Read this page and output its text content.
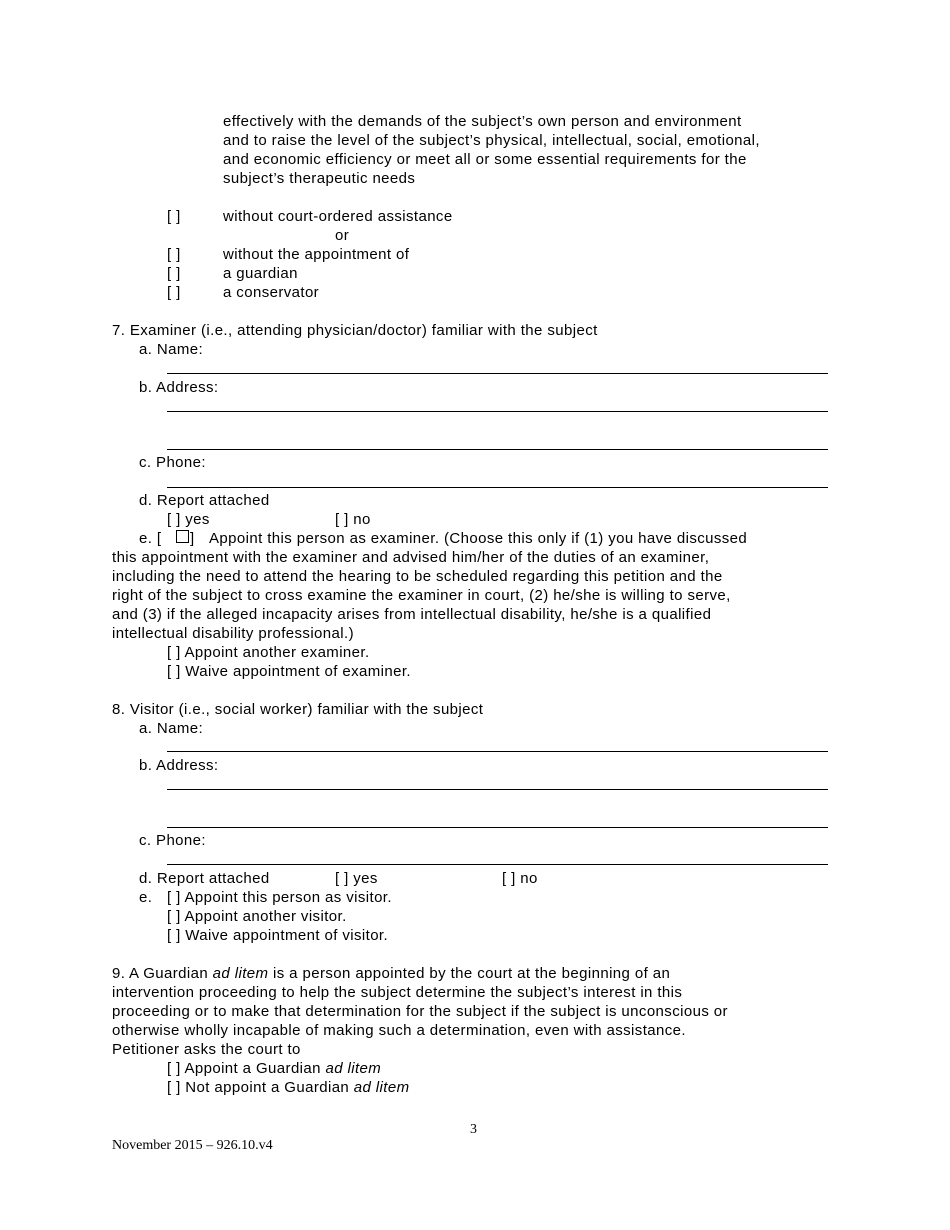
effectively with the demands of the subject’s own person and environment
and to raise the level of the subject’s physical, intellectual, social, emotional,
and economic efficiency or meet all or some essential requirements for the
subject’s therapeutic needs
[ ]	without court-ordered assistance
or
[ ]	without the appointment of
[ ]	a guardian
[ ]	a conservator
7. Examiner (i.e., attending physician/doctor) familiar with the subject
a. Name:
b. Address:
c. Phone:
d. Report attached
[ ] yes	[ ] no
e. [ ] Appoint this person as examiner. (Choose this only if (1) you have discussed
this appointment with the examiner and advised him/her of the duties of an examiner,
including the need to attend the hearing to be scheduled regarding this petition and the
right of the subject to cross examine the examiner in court, (2) he/she is willing to serve,
and (3) if the alleged incapacity arises from intellectual disability, he/she is a qualified
intellectual disability professional.)
[ ] Appoint another examiner.
[ ] Waive appointment of examiner.
8. Visitor (i.e., social worker) familiar with the subject
a. Name:
b. Address:
c. Phone:
d. Report attached	[ ] yes	[ ] no
e. [ ] Appoint this person as visitor.
[ ] Appoint another visitor.
[ ] Waive appointment of visitor.
9. A Guardian ad litem is a person appointed by the court at the beginning of an
intervention proceeding to help the subject determine the subject’s interest in this
proceeding or to make that determination for the subject if the subject is unconscious or
otherwise wholly incapable of making such a determination, even with assistance.
Petitioner asks the court to
[ ] Appoint a Guardian ad litem
[ ] Not appoint a Guardian ad litem
3
November 2015 – 926.10.v4
